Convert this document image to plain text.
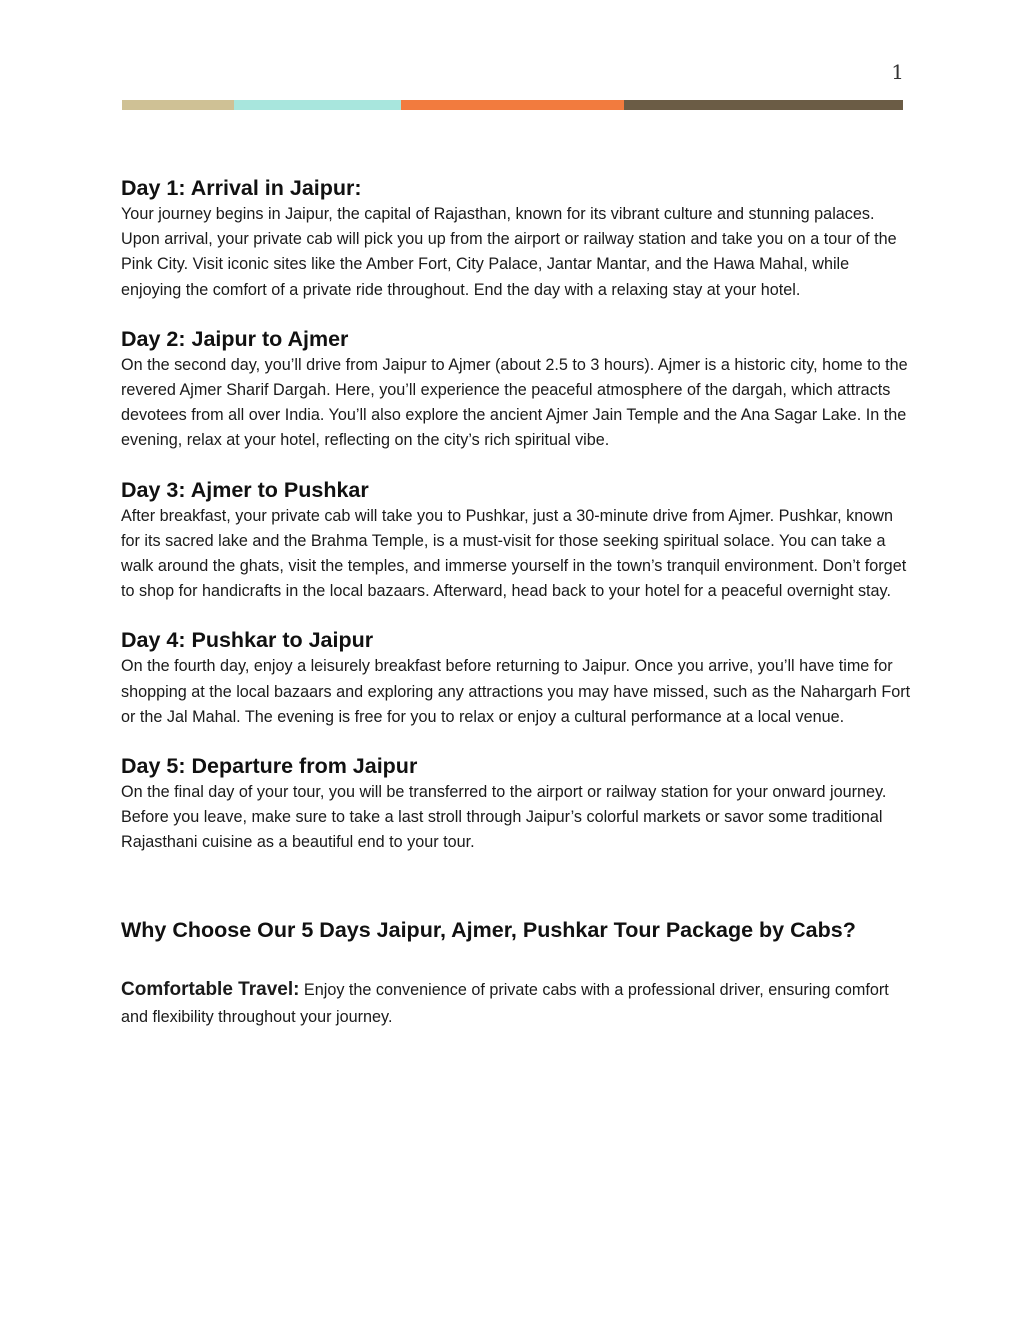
1
Day 1: Arrival in Jaipur:

Your journey begins in Jaipur, the capital of Rajasthan, known for its vibrant culture and stunning palaces. Upon arrival, your private cab will pick you up from the airport or railway station and take you on a tour of the Pink City. Visit iconic sites like the Amber Fort, City Palace, Jantar Mantar, and the Hawa Mahal, while enjoying the comfort of a private ride throughout. End the day with a relaxing stay at your hotel.

Day 2: Jaipur to Ajmer

On the second day, you’ll drive from Jaipur to Ajmer (about 2.5 to 3 hours). Ajmer is a historic city, home to the revered Ajmer Sharif Dargah. Here, you’ll experience the peaceful atmosphere of the dargah, which attracts devotees from all over India. You’ll also explore the ancient Ajmer Jain Temple and the Ana Sagar Lake. In the evening, relax at your hotel, reflecting on the city’s rich spiritual vibe.

Day 3: Ajmer to Pushkar

After breakfast, your private cab will take you to Pushkar, just a 30-minute drive from Ajmer. Pushkar, known for its sacred lake and the Brahma Temple, is a must-visit for those seeking spiritual solace. You can take a walk around the ghats, visit the temples, and immerse yourself in the town’s tranquil environment. Don’t forget to shop for handicrafts in the local bazaars. Afterward, head back to your hotel for a peaceful overnight stay.

Day 4: Pushkar to Jaipur

On the fourth day, enjoy a leisurely breakfast before returning to Jaipur. Once you arrive, you’ll have time for shopping at the local bazaars and exploring any attractions you may have missed, such as the Nahargarh Fort or the Jal Mahal. The evening is free for you to relax or enjoy a cultural performance at a local venue.

Day 5: Departure from Jaipur

On the final day of your tour, you will be transferred to the airport or railway station for your onward journey. Before you leave, make sure to take a last stroll through Jaipur’s colorful markets or savor some traditional Rajasthani cuisine as a beautiful end to your tour.

Why Choose Our 5 Days Jaipur, Ajmer, Pushkar Tour Package by Cabs?

Comfortable Travel: Enjoy the convenience of private cabs with a professional driver, ensuring comfort and flexibility throughout your journey.
